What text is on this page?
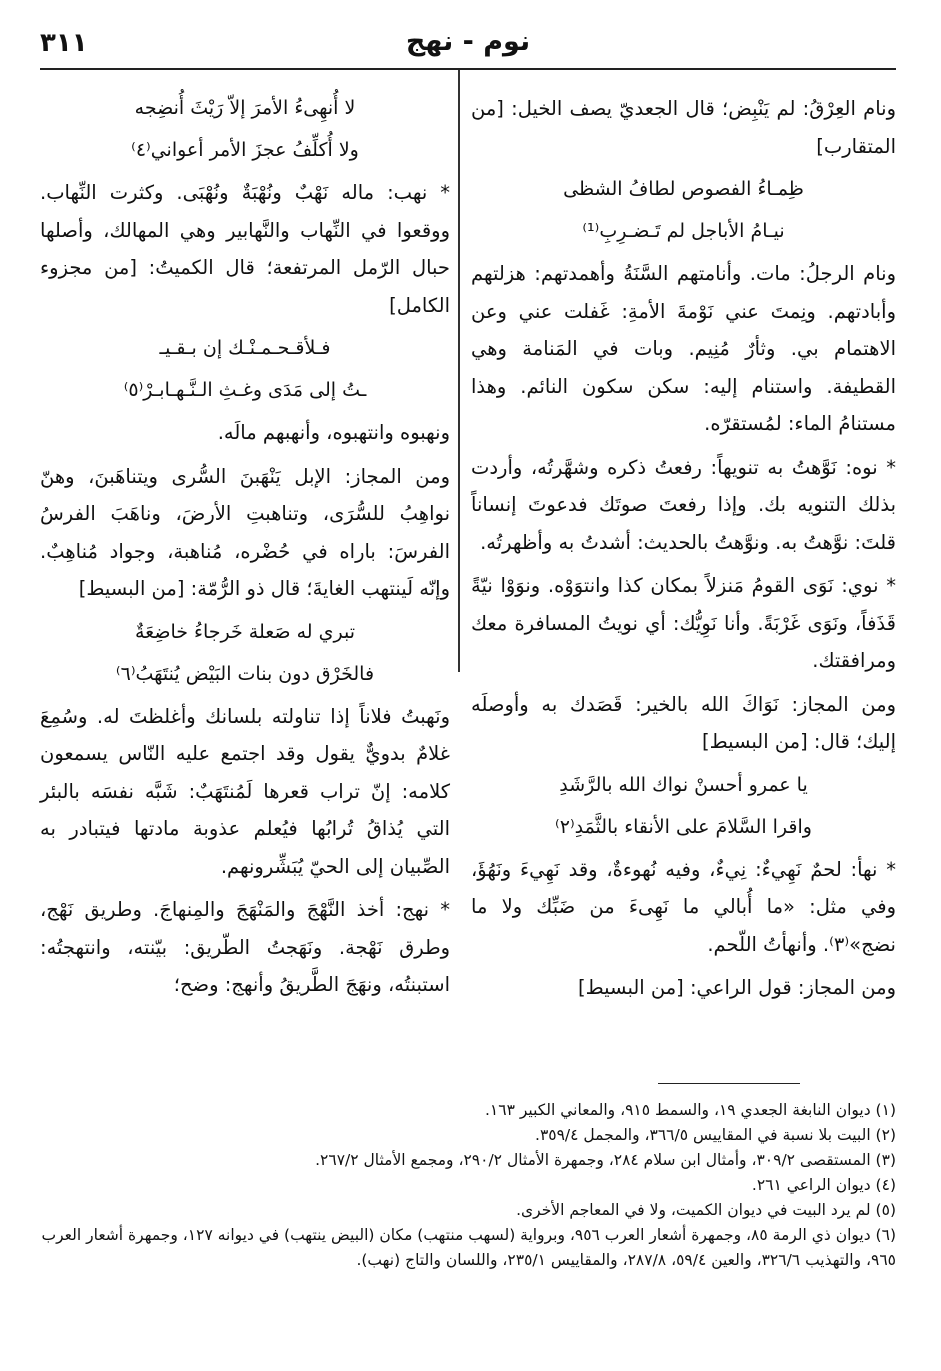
نوم - نهج
٣١١

ونام العِرْقُ: لم يَنْبِض؛ قال الجعديّ يصف الخيل: [من المتقارب]

ظِمـاءُ الفصوص لطافُ الشظى

نيـامُ الأباجل لم تَـضـرِبِ⁽¹⁾

ونام الرجلُ: مات. وأنامتهم السَّنَةُ وأهمدتهم: هزلتهم وأبادتهم. ونِمتَ عني نَوْمةَ الأمةِ: غَفلت عني وعن الاهتمام بي. وثأرٌ مُنِيم. وبات في المَنامة وهي القطيفة. واستنام إليه: سكن سكون النائم. وهذا مستنامُ الماء: لمُستقرّه.

* نوه: نَوَّهتُ به تنويهاً: رفعتُ ذكره وشهَّرتُه، وأردت بذلك التنويه بك. وإذا رفعتَ صوتَك فدعوتَ إنساناً قلتَ: نوَّهتُ به. ونوَّهتُ بالحديث: أشدتُ به وأظهرتُه.

* نوي: نَوَى القومُ مَنزلاً بمكان كذا وانتوَوْه. ونوَوْا نيّةً قَذَفاً، ونَوَى غَرْبَةً. وأنا نَوِيُّك: أي نويتُ المسافرة معك ومرافقتك.

ومن المجاز: نَوَاكَ الله بالخير: قَصَدك به وأوصلَه إليك؛ قال: [من البسيط]

يا عمرو أحسنْ نواك الله بالرَّشَدِ

واقرا السَّلامَ على الأنقاء بالثَّمَدِ⁽٢⁾

* نهأ: لحمٌ نَهِيءٌ: نِيءٌ، وفيه نُهوءةٌ، وقد نَهِيءَ ونَهُؤَ، وفي مثل: «ما أُبالي ما نَهِىءَ من ضَبِّك ولا ما نضج»⁽٣⁾. وأنهأتُ اللّحم.

ومن المجاز: قول الراعي: [من البسيط]

لا أُنهِىءُ الأمرَ إلاّ رَيْثَ أُنضِجه

ولا أُكلِّفُ عجزَ الأمر أعواني⁽٤⁾

* نهب: ماله نَهْبٌ ونُهْبَةٌ ونُهْبَى. وكثرت النِّهاب. ووقعوا في النِّهاب والنَّهابير وهي المهالك، وأصلها حبال الرّمل المرتفعة؛ قال الكميتُ: [من مجزوء الكامل]

فـلأقـحـمـنْـك إن بـقـيـ

ـتُ إلى مَدَى وغـثِ الـنَّـهـابـرْ⁽٥⁾

ونهبوه وانتهبوه، وأنهبهم مالَه.

ومن المجاز: الإبل يَنْهَبنَ السُّرى ويتناهَبنَ، وهنّ نواهِبُ للسُّرَى، وتناهبتِ الأرضَ، وناهَبَ الفرسُ الفرسَ: باراه في حُضْره، مُناهبة، وجواد مُناهِبٌ. وإنّه لَينتهب الغايةَ؛ قال ذو الرُّمّة: [من البسيط]

تبري له صَعلة خَرجاءُ خاضِعَةٌ

فالخَرْق دون بنات البَيْض يُنتَهَبُ⁽٦⁾

ونَهبتُ فلاناً إذا تناولته بلسانك وأغلظتَ له. وسُمِعَ غلامٌ بدويٌّ يقول وقد اجتمع عليه النّاس يسمعون كلامه: إنّ تراب قعرها لَمُنتَهَبٌ: شَبَّه نفسَه بالبئر التي يُذاقُ تُرابُها فيُعلم عذوبة مادتها فيتبادر به الصِّبيان إلى الحيّ يُبَشِّرونهم.

* نهج: أخذ النَّهْجَ والمَنْهَجَ والمِنهاجَ. وطريق نَهْج، وطرق نَهْجة. ونَهَجتُ الطّريق: بيّنته، وانتهجتُه: استبنتُه، ونهَجَ الطَّريقُ وأنهج: وضح؛

(١) ديوان النابغة الجعدي ١٩، والسمط ٩١٥، والمعاني الكبير ١٦٣.

(٢) البيت بلا نسبة في المقاييس ٣٦٦/٥، والمجمل ٣٥٩/٤.

(٣) المستقصى ٣٠٩/٢، وأمثال ابن سلام ٢٨٤، وجمهرة الأمثال ٢٩٠/٢، ومجمع الأمثال ٢٦٧/٢.

(٤) ديوان الراعي ٢٦١.

(٥) لم يرد البيت في ديوان الكميت، ولا في المعاجم الأخرى.

(٦) ديوان ذي الرمة ٨٥، وجمهرة أشعار العرب ٩٥٦، وبرواية (لسهب منتهب) مكان (البيض ينتهب) في ديوانه ١٢٧، وجمهرة أشعار العرب ٩٦٥، والتهذيب ٣٢٦/٦، والعين ٥٩/٤، ٢٨٧/٨، والمقاييس ٢٣٥/١، واللسان والتاج (نهب).
